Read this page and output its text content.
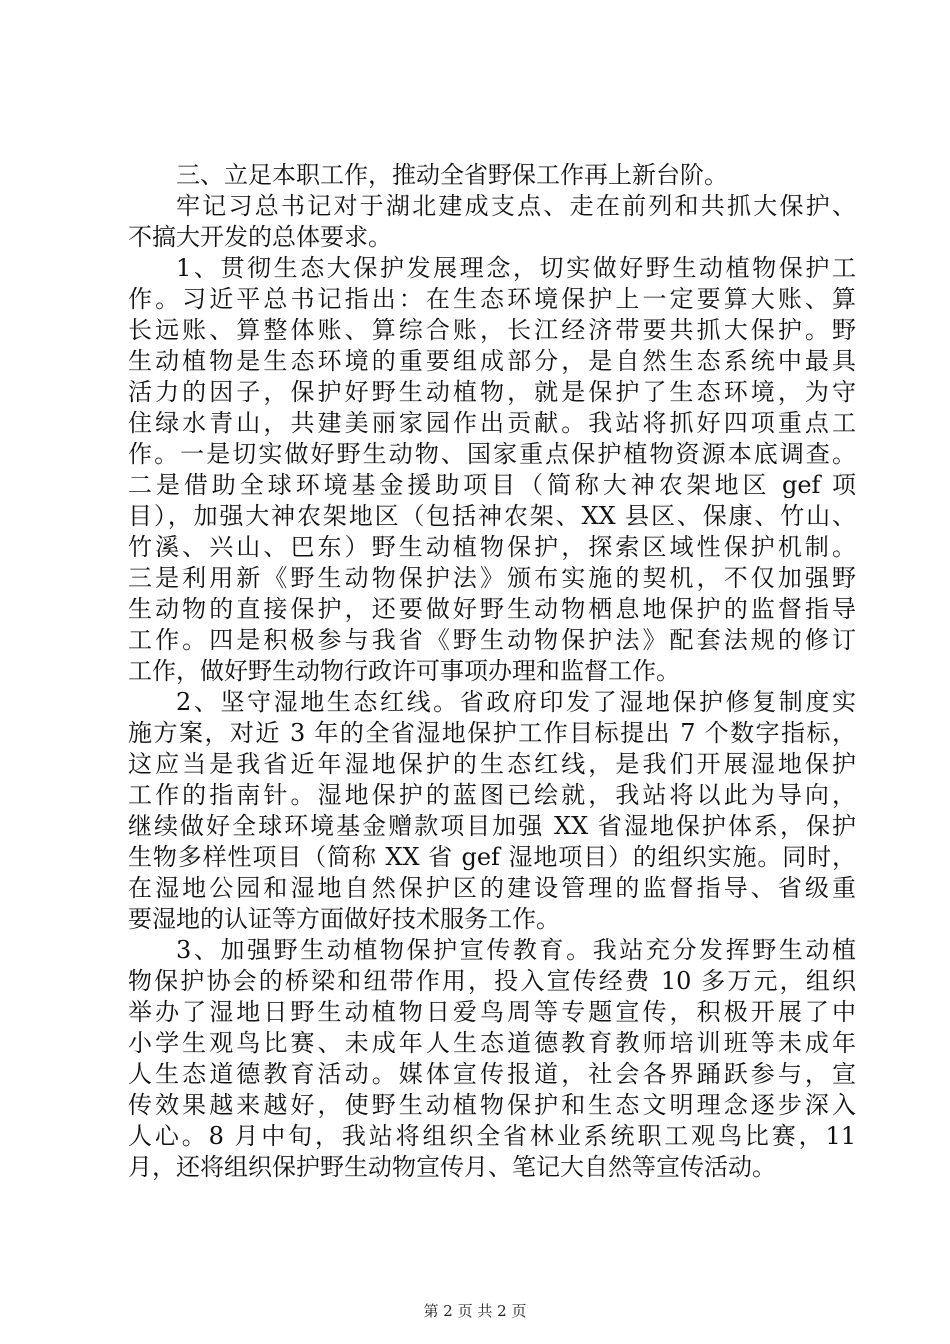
三、立足本职工作，推动全省野保工作再上新台阶。
牢记习总书记对于湖北建成支点、走在前列和共抓大保护、
不搞大开发的总体要求。
1、贯彻生态大保护发展理念，切实做好野生动植物保护工
作。习近平总书记指出：在生态环境保护上一定要算大账、算
长远账、算整体账、算综合账，长江经济带要共抓大保护。野
生动植物是生态环境的重要组成部分，是自然生态系统中最具
活力的因子，保护好野生动植物，就是保护了生态环境，为守
住绿水青山，共建美丽家园作出贡献。我站将抓好四项重点工
作。一是切实做好野生动物、国家重点保护植物资源本底调查。
二是借助全球环境基金援助项目（简称大神农架地区 gef 项
目），加强大神农架地区（包括神农架、XX 县区、保康、竹山、
竹溪、兴山、巴东）野生动植物保护，探索区域性保护机制。
三是利用新《野生动物保护法》颁布实施的契机，不仅加强野
生动物的直接保护，还要做好野生动物栖息地保护的监督指导
工作。四是积极参与我省《野生动物保护法》配套法规的修订
工作，做好野生动物行政许可事项办理和监督工作。
2、坚守湿地生态红线。省政府印发了湿地保护修复制度实
施方案，对近 3 年的全省湿地保护工作目标提出 7 个数字指标，
这应当是我省近年湿地保护的生态红线，是我们开展湿地保护
工作的指南针。湿地保护的蓝图已绘就，我站将以此为导向，
继续做好全球环境基金赠款项目加强 XX 省湿地保护体系，保护
生物多样性项目（简称 XX 省 gef 湿地项目）的组织实施。同时，
在湿地公园和湿地自然保护区的建设管理的监督指导、省级重
要湿地的认证等方面做好技术服务工作。
3、加强野生动植物保护宣传教育。我站充分发挥野生动植
物保护协会的桥梁和纽带作用，投入宣传经费 10 多万元，组织
举办了湿地日野生动植物日爱鸟周等专题宣传，积极开展了中
小学生观鸟比赛、未成年人生态道德教育教师培训班等未成年
人生态道德教育活动。媒体宣传报道，社会各界踊跃参与，宣
传效果越来越好，使野生动植物保护和生态文明理念逐步深入
人心。8 月中旬，我站将组织全省林业系统职工观鸟比赛，11
月，还将组织保护野生动物宣传月、笔记大自然等宣传活动。
第 2 页 共 2 页
